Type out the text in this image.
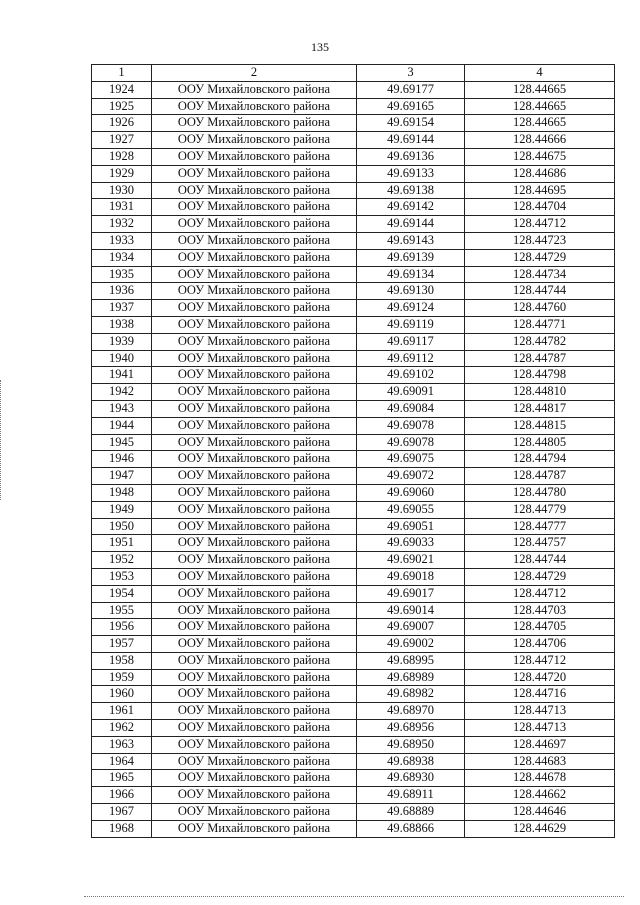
135
1	2	3	4
1924	ООУ Михайловского района	49.69177	128.44665
1925	ООУ Михайловского района	49.69165	128.44665
1926	ООУ Михайловского района	49.69154	128.44665
1927	ООУ Михайловского района	49.69144	128.44666
1928	ООУ Михайловского района	49.69136	128.44675
1929	ООУ Михайловского района	49.69133	128.44686
1930	ООУ Михайловского района	49.69138	128.44695
1931	ООУ Михайловского района	49.69142	128.44704
1932	ООУ Михайловского района	49.69144	128.44712
1933	ООУ Михайловского района	49.69143	128.44723
1934	ООУ Михайловского района	49.69139	128.44729
1935	ООУ Михайловского района	49.69134	128.44734
1936	ООУ Михайловского района	49.69130	128.44744
1937	ООУ Михайловского района	49.69124	128.44760
1938	ООУ Михайловского района	49.69119	128.44771
1939	ООУ Михайловского района	49.69117	128.44782
1940	ООУ Михайловского района	49.69112	128.44787
1941	ООУ Михайловского района	49.69102	128.44798
1942	ООУ Михайловского района	49.69091	128.44810
1943	ООУ Михайловского района	49.69084	128.44817
1944	ООУ Михайловского района	49.69078	128.44815
1945	ООУ Михайловского района	49.69078	128.44805
1946	ООУ Михайловского района	49.69075	128.44794
1947	ООУ Михайловского района	49.69072	128.44787
1948	ООУ Михайловского района	49.69060	128.44780
1949	ООУ Михайловского района	49.69055	128.44779
1950	ООУ Михайловского района	49.69051	128.44777
1951	ООУ Михайловского района	49.69033	128.44757
1952	ООУ Михайловского района	49.69021	128.44744
1953	ООУ Михайловского района	49.69018	128.44729
1954	ООУ Михайловского района	49.69017	128.44712
1955	ООУ Михайловского района	49.69014	128.44703
1956	ООУ Михайловского района	49.69007	128.44705
1957	ООУ Михайловского района	49.69002	128.44706
1958	ООУ Михайловского района	49.68995	128.44712
1959	ООУ Михайловского района	49.68989	128.44720
1960	ООУ Михайловского района	49.68982	128.44716
1961	ООУ Михайловского района	49.68970	128.44713
1962	ООУ Михайловского района	49.68956	128.44713
1963	ООУ Михайловского района	49.68950	128.44697
1964	ООУ Михайловского района	49.68938	128.44683
1965	ООУ Михайловского района	49.68930	128.44678
1966	ООУ Михайловского района	49.68911	128.44662
1967	ООУ Михайловского района	49.68889	128.44646
1968	ООУ Михайловского района	49.68866	128.44629
